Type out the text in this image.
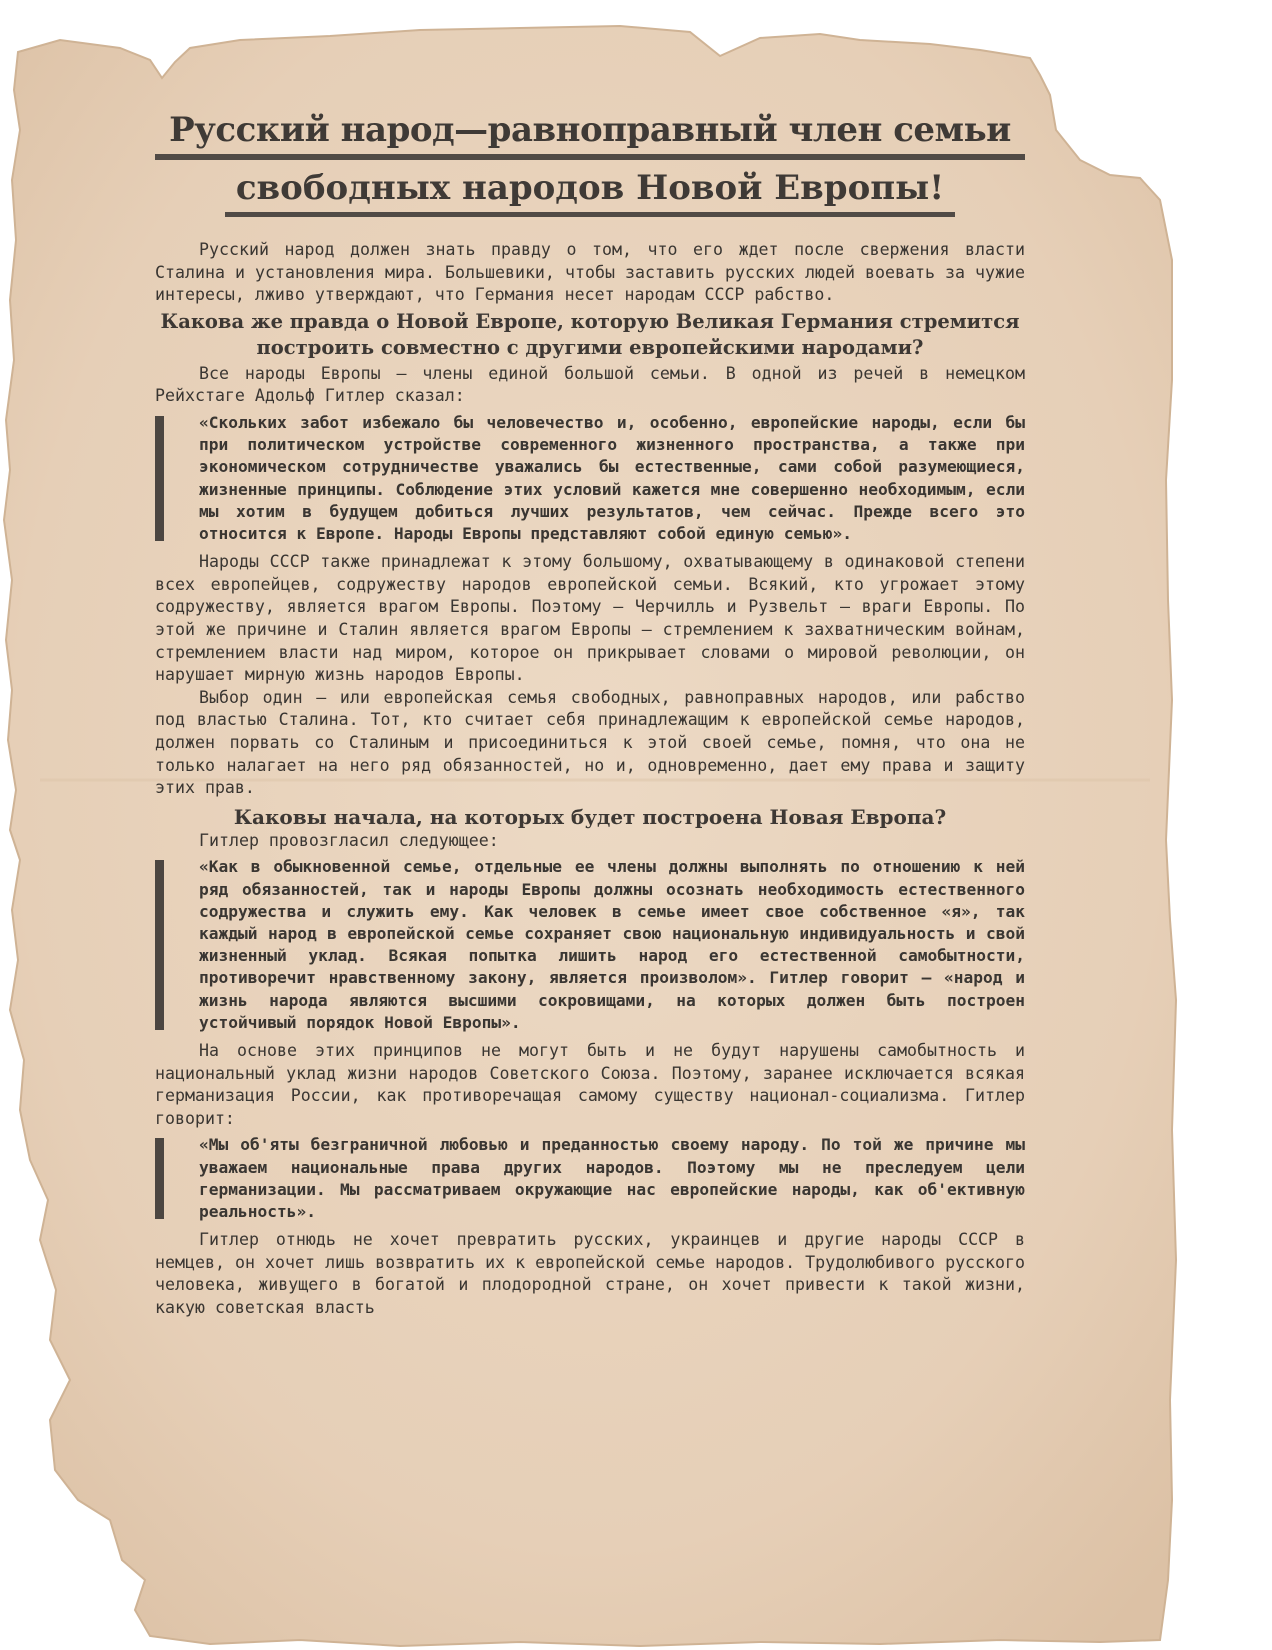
Русский народ—равноправный член семьи
свободных народов Новой Европы!

Русский народ должен знать правду о том, что его ждет после свержения власти Сталина и установления мира. Большевики, чтобы заставить русских людей воевать за чужие интересы, лживо утверждают, что Германия несет народам СССР рабство.

Какова же правда о Новой Европе, которую Великая Германия стремится построить совместно с другими европейскими народами?

Все народы Европы — члены единой большой семьи. В одной из речей в немецком Рейхстаге Адольф Гитлер сказал:

«Скольких забот избежало бы человечество и, особенно, европейские народы, если бы при политическом устройстве современного жизненного пространства, а также при экономическом сотрудничестве уважались бы естественные, сами собой разумеющиеся, жизненные принципы. Соблюдение этих условий кажется мне совершенно необходимым, если мы хотим в будущем добиться лучших результатов, чем сейчас. Прежде всего это относится к Европе. Народы Европы представляют собой единую семью».

Народы СССР также принадлежат к этому большому, охватывающему в одинаковой степени всех европейцев, содружеству народов европейской семьи. Всякий, кто угрожает этому содружеству, является врагом Европы. Поэтому — Черчилль и Рузвельт — враги Европы. По этой же причине и Сталин является врагом Европы — стремлением к захватническим войнам, стремлением власти над миром, которое он прикрывает словами о мировой революции, он нарушает мирную жизнь народов Европы.

Выбор один — или европейская семья свободных, равноправных народов, или рабство под властью Сталина. Тот, кто считает себя принадлежащим к европейской семье народов, должен порвать со Сталиным и присоединиться к этой своей семье, помня, что она не только налагает на него ряд обязанностей, но и, одновременно, дает ему права и защиту этих прав.

Каковы начала, на которых будет построена Новая Европа?

Гитлер провозгласил следующее:

«Как в обыкновенной семье, отдельные ее члены должны выполнять по отношению к ней ряд обязанностей, так и народы Европы должны осознать необходимость естественного содружества и служить ему. Как человек в семье имеет свое собственное «я», так каждый народ в европейской семье сохраняет свою национальную индивидуальность и свой жизненный уклад. Всякая попытка лишить народ его естественной самобытности, противоречит нравственному закону, является произволом». Гитлер говорит — «народ и жизнь народа являются высшими сокровищами, на которых должен быть построен устойчивый порядок Новой Европы».

На основе этих принципов не могут быть и не будут нарушены самобытность и национальный уклад жизни народов Советского Союза. Поэтому, заранее исключается всякая германизация России, как противоречащая самому существу национал-социализма. Гитлер говорит:

«Мы об'яты безграничной любовью и преданностью своему народу. По той же причине мы уважаем национальные права других народов. Поэтому мы не преследуем цели германизации. Мы рассматриваем окружающие нас европейские народы, как об'ективную реальность».

Гитлер отнюдь не хочет превратить русских, украинцев и другие народы СССР в немцев, он хочет лишь возвратить их к европейской семье народов. Трудолюбивого русского человека, живущего в богатой и плодородной стране, он хочет привести к такой жизни, какую советская власть
